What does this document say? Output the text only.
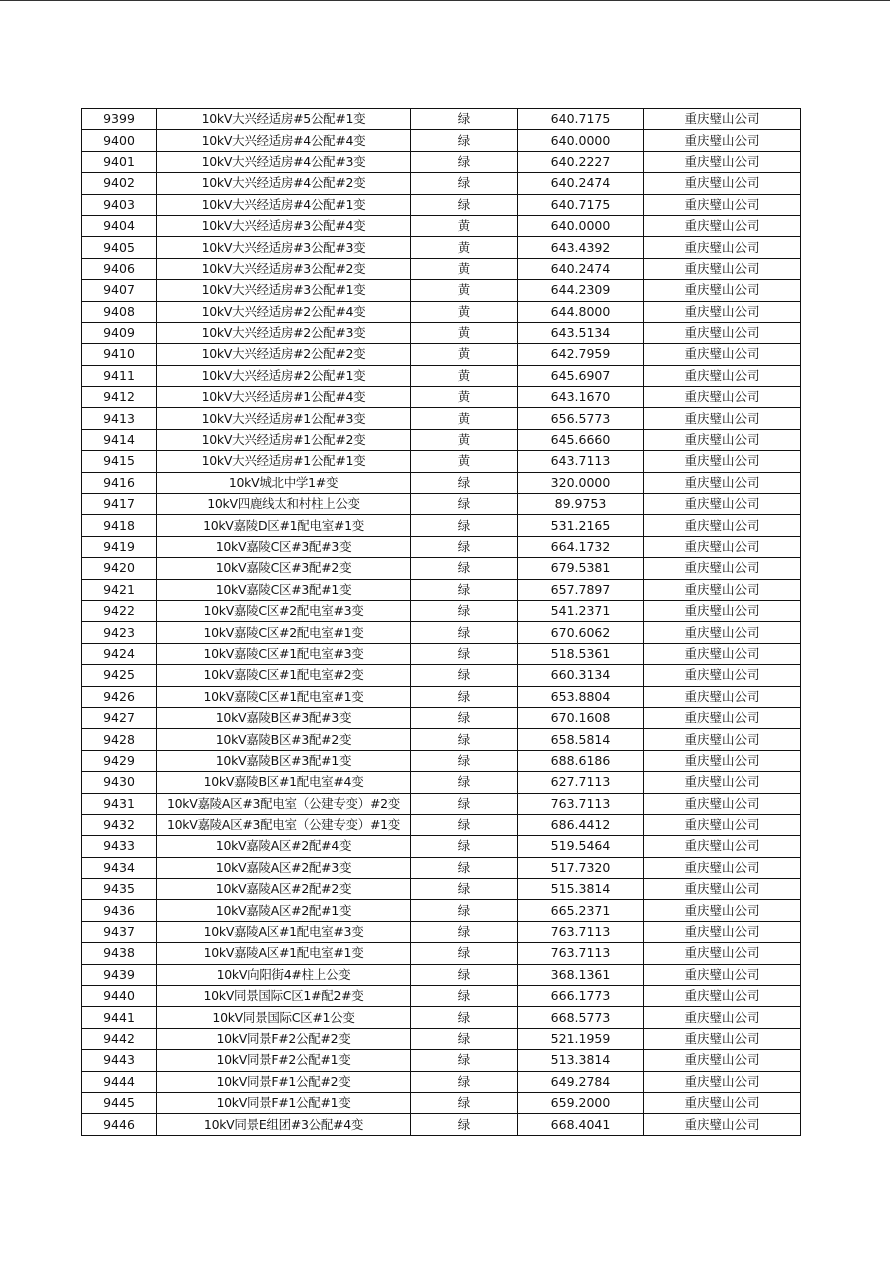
9399	10kV大兴经适房#5公配#1变	绿	640.7175	重庆璧山公司
9400	10kV大兴经适房#4公配#4变	绿	640.0000	重庆璧山公司
9401	10kV大兴经适房#4公配#3变	绿	640.2227	重庆璧山公司
9402	10kV大兴经适房#4公配#2变	绿	640.2474	重庆璧山公司
9403	10kV大兴经适房#4公配#1变	绿	640.7175	重庆璧山公司
9404	10kV大兴经适房#3公配#4变	黄	640.0000	重庆璧山公司
9405	10kV大兴经适房#3公配#3变	黄	643.4392	重庆璧山公司
9406	10kV大兴经适房#3公配#2变	黄	640.2474	重庆璧山公司
9407	10kV大兴经适房#3公配#1变	黄	644.2309	重庆璧山公司
9408	10kV大兴经适房#2公配#4变	黄	644.8000	重庆璧山公司
9409	10kV大兴经适房#2公配#3变	黄	643.5134	重庆璧山公司
9410	10kV大兴经适房#2公配#2变	黄	642.7959	重庆璧山公司
9411	10kV大兴经适房#2公配#1变	黄	645.6907	重庆璧山公司
9412	10kV大兴经适房#1公配#4变	黄	643.1670	重庆璧山公司
9413	10kV大兴经适房#1公配#3变	黄	656.5773	重庆璧山公司
9414	10kV大兴经适房#1公配#2变	黄	645.6660	重庆璧山公司
9415	10kV大兴经适房#1公配#1变	黄	643.7113	重庆璧山公司
9416	10kV城北中学1#变	绿	320.0000	重庆璧山公司
9417	10kV四鹿线太和村柱上公变	绿	89.9753	重庆璧山公司
9418	10kV嘉陵D区#1配电室#1变	绿	531.2165	重庆璧山公司
9419	10kV嘉陵C区#3配#3变	绿	664.1732	重庆璧山公司
9420	10kV嘉陵C区#3配#2变	绿	679.5381	重庆璧山公司
9421	10kV嘉陵C区#3配#1变	绿	657.7897	重庆璧山公司
9422	10kV嘉陵C区#2配电室#3变	绿	541.2371	重庆璧山公司
9423	10kV嘉陵C区#2配电室#1变	绿	670.6062	重庆璧山公司
9424	10kV嘉陵C区#1配电室#3变	绿	518.5361	重庆璧山公司
9425	10kV嘉陵C区#1配电室#2变	绿	660.3134	重庆璧山公司
9426	10kV嘉陵C区#1配电室#1变	绿	653.8804	重庆璧山公司
9427	10kV嘉陵B区#3配#3变	绿	670.1608	重庆璧山公司
9428	10kV嘉陵B区#3配#2变	绿	658.5814	重庆璧山公司
9429	10kV嘉陵B区#3配#1变	绿	688.6186	重庆璧山公司
9430	10kV嘉陵B区#1配电室#4变	绿	627.7113	重庆璧山公司
9431	10kV嘉陵A区#3配电室（公建专变）#2变	绿	763.7113	重庆璧山公司
9432	10kV嘉陵A区#3配电室（公建专变）#1变	绿	686.4412	重庆璧山公司
9433	10kV嘉陵A区#2配#4变	绿	519.5464	重庆璧山公司
9434	10kV嘉陵A区#2配#3变	绿	517.7320	重庆璧山公司
9435	10kV嘉陵A区#2配#2变	绿	515.3814	重庆璧山公司
9436	10kV嘉陵A区#2配#1变	绿	665.2371	重庆璧山公司
9437	10kV嘉陵A区#1配电室#3变	绿	763.7113	重庆璧山公司
9438	10kV嘉陵A区#1配电室#1变	绿	763.7113	重庆璧山公司
9439	10kV向阳街4#柱上公变	绿	368.1361	重庆璧山公司
9440	10kV同景国际C区1#配2#变	绿	666.1773	重庆璧山公司
9441	10kV同景国际C区#1公变	绿	668.5773	重庆璧山公司
9442	10kV同景F#2公配#2变	绿	521.1959	重庆璧山公司
9443	10kV同景F#2公配#1变	绿	513.3814	重庆璧山公司
9444	10kV同景F#1公配#2变	绿	649.2784	重庆璧山公司
9445	10kV同景F#1公配#1变	绿	659.2000	重庆璧山公司
9446	10kV同景E组团#3公配#4变	绿	668.4041	重庆璧山公司
